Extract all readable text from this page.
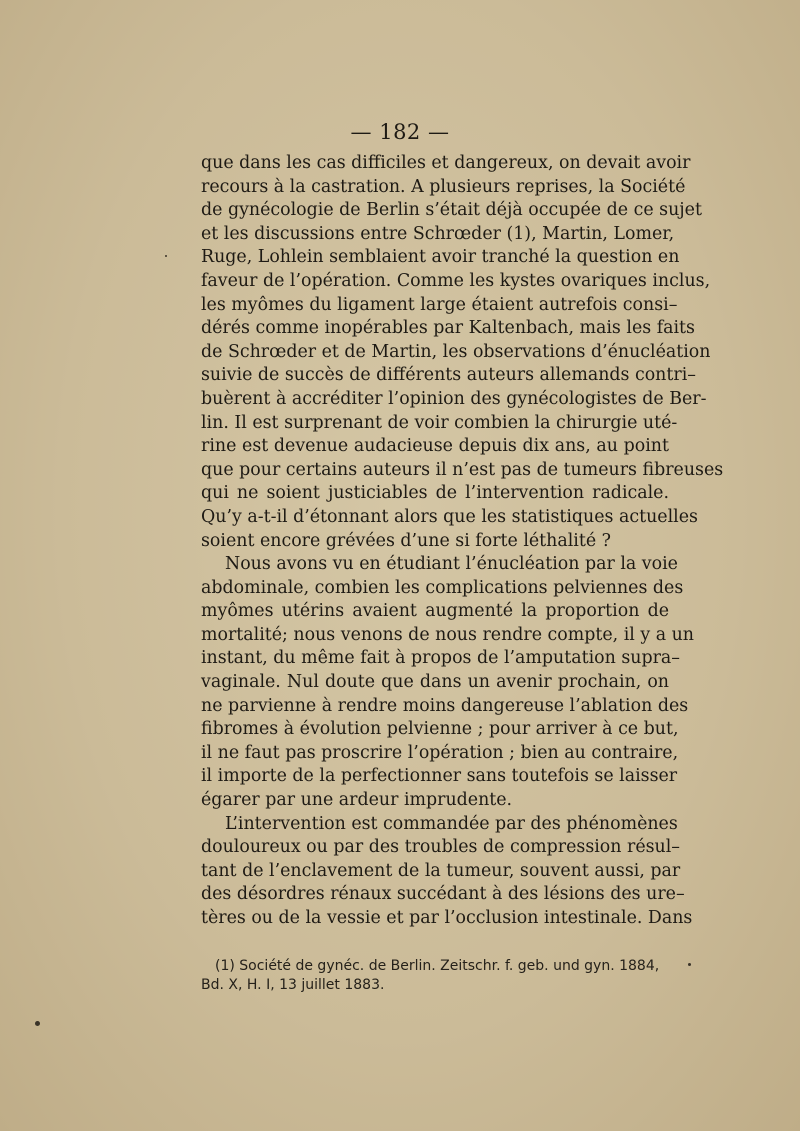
— 182 —
que dans les cas difficiles et dangereux, on devait avoir
recours à la castration. A plusieurs reprises, la Société
de gynécologie de Berlin s’était déjà occupée de ce sujet
et les discussions entre Schrœder (1), Martin, Lomer,
Ruge, Lohlein semblaient avoir tranché la question en
faveur de l’opération. Comme les kystes ovariques inclus,
les myômes du ligament large étaient autrefois consi–
dérés comme inopérables par Kaltenbach, mais les faits
de Schrœder et de Martin, les observations d’énucléation
suivie de succès de différents auteurs allemands contri–
buèrent à accréditer l’opinion des gynécologistes de Ber-
lin. Il est surprenant de voir combien la chirurgie uté-
rine est devenue audacieuse depuis dix ans, au point
que pour certains auteurs il n’est pas de tumeurs fibreuses
qui ne soient justiciables de l’intervention radicale.
Qu’y a-t-il d’étonnant alors que les statistiques actuelles
soient encore grévées d’une si forte léthalité ?
Nous avons vu en étudiant l’énucléation par la voie
abdominale, combien les complications pelviennes des
myômes utérins avaient augmenté la proportion de
mortalité; nous venons de nous rendre compte, il y a un
instant, du même fait à propos de l’amputation supra–
vaginale. Nul doute que dans un avenir prochain, on
ne parvienne à rendre moins dangereuse l’ablation des
fibromes à évolution pelvienne ; pour arriver à ce but,
il ne faut pas proscrire l’opération ; bien au contraire,
il importe de la perfectionner sans toutefois se laisser
égarer par une ardeur imprudente.
L’intervention est commandée par des phénomènes
douloureux ou par des troubles de compression résul–
tant de l’enclavement de la tumeur, souvent aussi, par
des désordres rénaux succédant à des lésions des ure–
tères ou de la vessie et par l’occlusion intestinale. Dans
(1) Société de gynéc. de Berlin. Zeitschr. f. geb. und gyn. 1884,
Bd. X, H. I, 13 juillet 1883.
